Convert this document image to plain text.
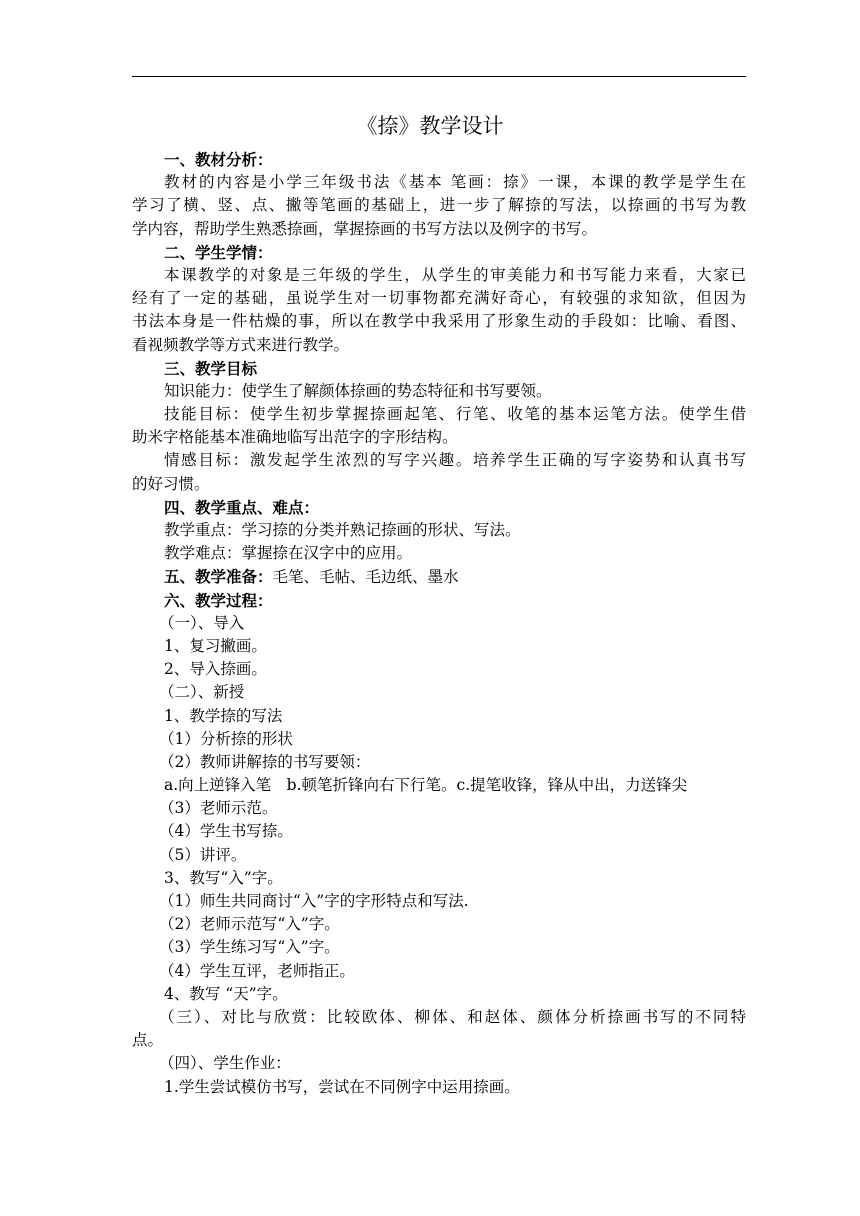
《捺》教学设计
一、教材分析：
教材的内容是小学三年级书法《基本 笔画：捺》一课，本课的教学是学生在
学习了横、竖、点、撇等笔画的基础上，进一步了解捺的写法，以捺画的书写为教
学内容，帮助学生熟悉捺画，掌握捺画的书写方法以及例字的书写。
二、学生学情：
本课教学的对象是三年级的学生，从学生的审美能力和书写能力来看，大家已
经有了一定的基础，虽说学生对一切事物都充满好奇心，有较强的求知欲，但因为
书法本身是一件枯燥的事，所以在教学中我采用了形象生动的手段如：比喻、看图、
看视频教学等方式来进行教学。
三、教学目标
知识能力：使学生了解颜体捺画的势态特征和书写要领。
技能目标：使学生初步掌握捺画起笔、行笔、收笔的基本运笔方法。使学生借
助米字格能基本准确地临写出范字的字形结构。
情感目标：激发起学生浓烈的写字兴趣。培养学生正确的写字姿势和认真书写
的好习惯。
四、教学重点、难点：
教学重点：学习捺的分类并熟记捺画的形状、写法。
教学难点：掌握捺在汉字中的应用。
五、教学准备：毛笔、毛帖、毛边纸、墨水
六、教学过程：
（一）、导入
1、复习撇画。
2、导入捺画。
（二）、新授
1、教学捺的写法
（1）分析捺的形状
（2）教师讲解捺的书写要领：
a.向上逆锋入笔　b.顿笔折锋向右下行笔。c.提笔收锋，锋从中出，力送锋尖
（3）老师示范。
（4）学生书写捺。
（5）讲评。
3、教写“入”字。
（1）师生共同商讨“入”字的字形特点和写法.
（2）老师示范写“入”字。
（3）学生练习写“入”字。
（4）学生互评，老师指正。
4、教写 “天”字。
（三）、对比与欣赏：比较欧体、柳体、和赵体、颜体分析捺画书写的不同特
点。
（四）、学生作业：
1.学生尝试模仿书写，尝试在不同例字中运用捺画。
